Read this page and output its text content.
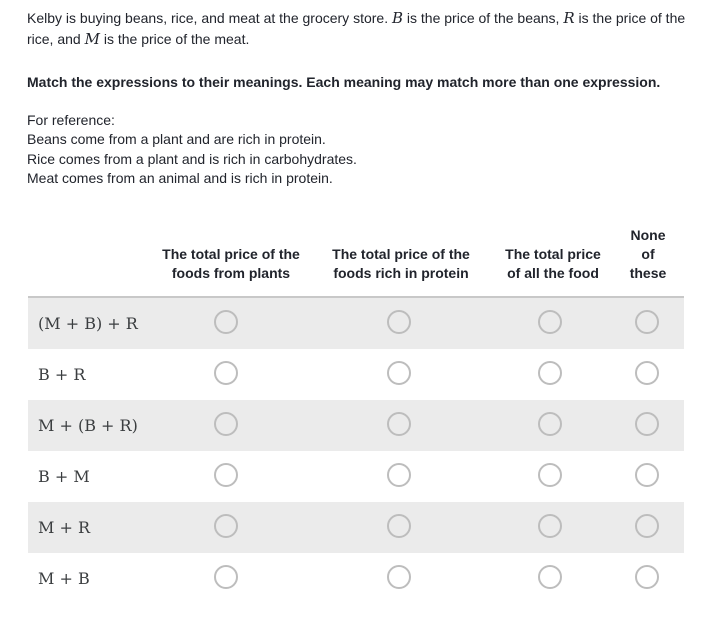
Kelby is buying beans, rice, and meat at the grocery store. B is the price of the beans, R is the price of the rice, and M is the price of the meat.

Match the expressions to their meanings. Each meaning may match more than one expression.

For reference:
Beans come from a plant and are rich in protein.
Rice comes from a plant and is rich in carbohydrates.
Meat comes from an animal and is rich in protein.
The total price of the
foods from plants
The total price of the
foods rich in protein
The total price
of all the food
None
of
these
(M + B) + R
B + R
M + (B + R)
B + M
M + R
M + B
